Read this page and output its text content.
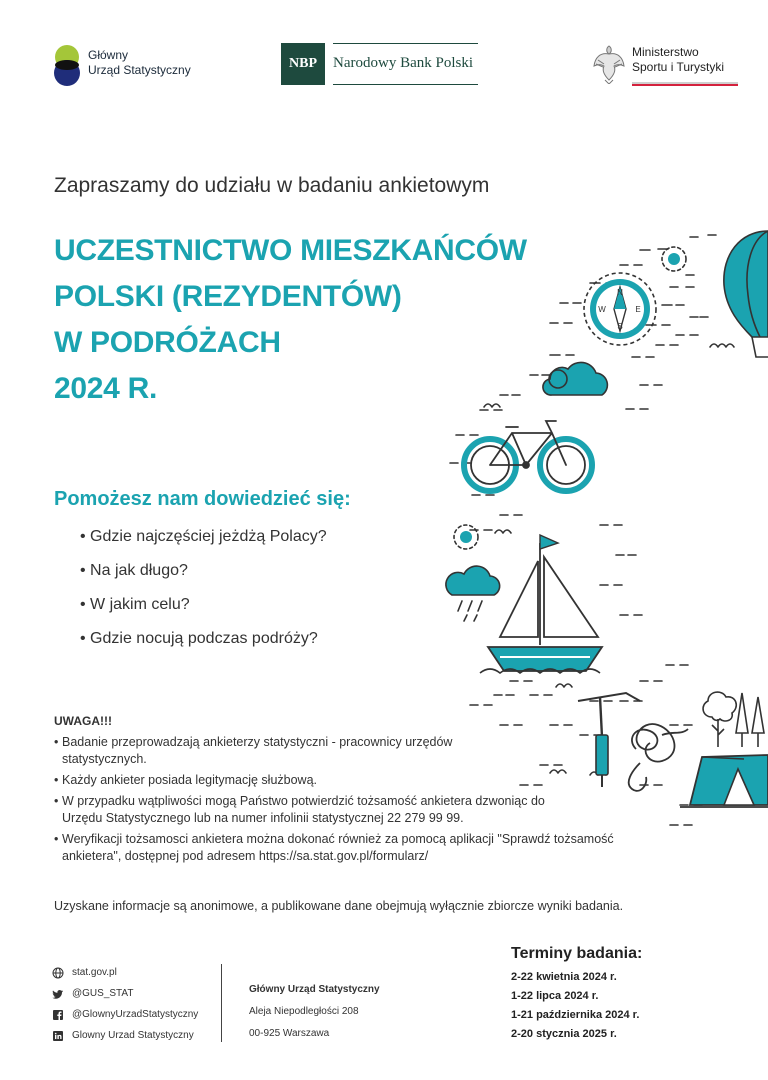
Główny
Urząd Statystyczny	NBP	Narodowy Bank Polski
Ministerstwo
Sportu i Turystyki
Zapraszamy do udziału w badaniu ankietowym
UCZESTNICTWO MIESZKAŃCÓW
POLSKI (REZYDENTÓW)
W PODRÓŻACH
2024 R.
Pomożesz nam dowiedzieć się:
• Gdzie najczęściej jeżdżą Polacy?
• Na jak długo?
• W jakim celu?
• Gdzie nocują podczas podróży?
N
S
W	E
UWAGA!!!
• Badanie przeprowadzają ankieterzy statystyczni - pracownicy urzędów statystycznych.
• Każdy ankieter posiada legitymację służbową.
• W przypadku wątpliwości mogą Państwo potwierdzić tożsamość ankietera dzwoniąc do Urzędu Statystycznego lub na numer infolinii statystycznej 22 279 99 99.
• Weryfikacji tożsamosci ankietera można dokonać również za pomocą aplikacji "Sprawdź tożsamość ankietera", dostępnej pod adresem https://sa.stat.gov.pl/formularz/
Uzyskane informacje są anonimowe, a publikowane dane obejmują wyłącznie zbiorcze wyniki badania.
stat.gov.pl
@GUS_STAT
@GlownyUrzadStatystyczny
Glowny Urzad Statystyczny
Główny Urząd Statystyczny
Aleja Niepodległości 208
00-925 Warszawa
Terminy badania:
2-22 kwietnia 2024 r.
1-22 lipca 2024 r.
1-21 października 2024 r.
2-20 stycznia 2025 r.
